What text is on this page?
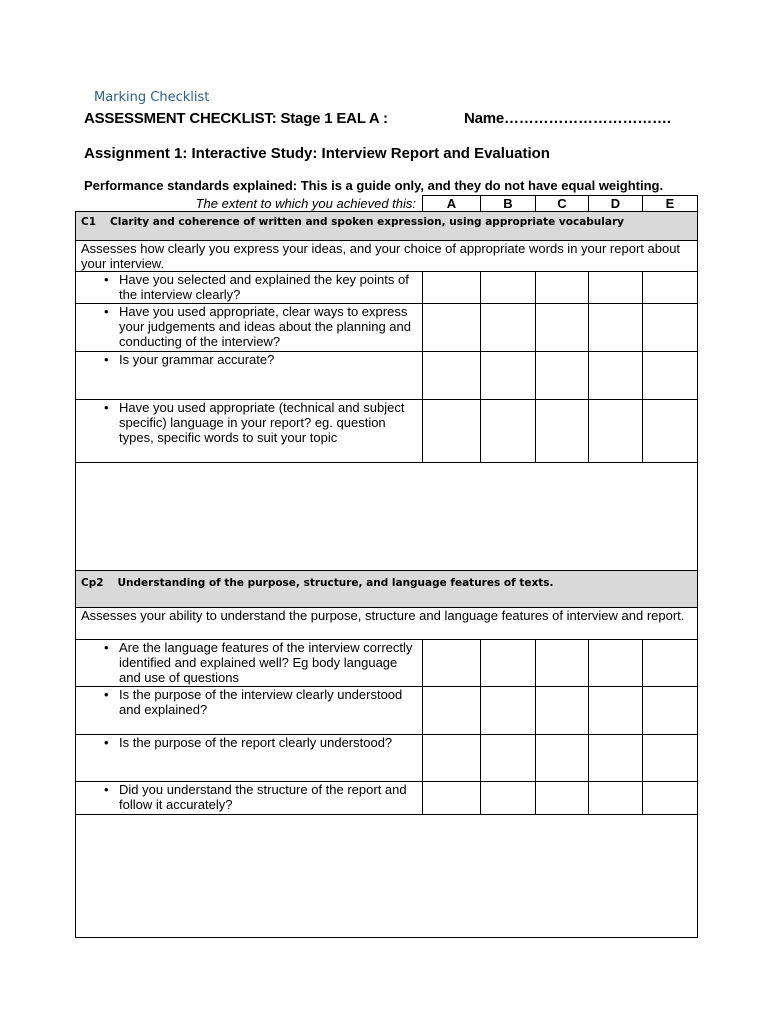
Marking Checklist
ASSESSMENT CHECKLIST: Stage 1 EAL A :	Name…………………………….
Assignment 1: Interactive Study: Interview Report and Evaluation
Performance standards explained: This is a guide only, and they do not have equal weighting.
The extent to which you achieved this:	A	B	C	D	E
C1 Clarity and coherence of written and spoken expression, using appropriate vocabulary					
Assesses how clearly you express your ideas, and your choice of appropriate words in your report about your interview.					

• Have you selected and explained the key points of the interview clearly?					

• Have you used appropriate, clear ways to express your judgements and ideas about the planning and conducting of the interview?					

• Is your grammar accurate?					

• Have you used appropriate (technical and subject specific) language in your report? eg. question types, specific words to suit your topic					

Cp2 Understanding of the purpose, structure, and language features of texts.					
Assesses your ability to understand the purpose, structure and language features of interview and report.					

• Are the language features of the interview correctly identified and explained well? Eg body language and use of questions					

• Is the purpose of the interview clearly understood and explained?					

• Is the purpose of the report clearly understood?					

• Did you understand the structure of the report and follow it accurately?					
